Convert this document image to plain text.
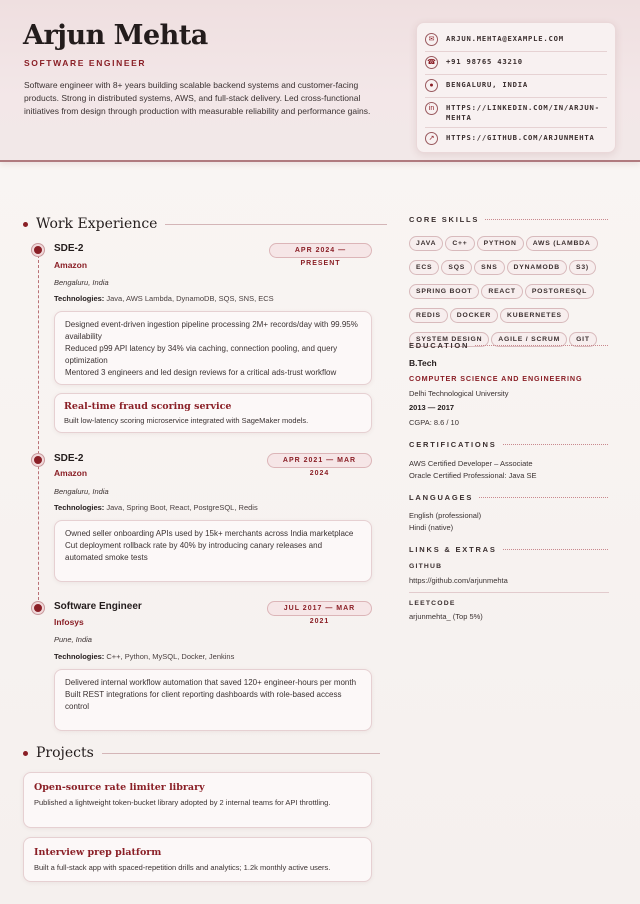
Arjun Mehta
SOFTWARE ENGINEER
Software engineer with 8+ years building scalable backend systems and customer-facing products. Strong in distributed systems, AWS, and full-stack delivery. Led cross-functional initiatives from design through production with measurable reliability and performance gains.
✉	ARJUN.MEHTA@EXAMPLE.COM
☎ +91 98765 43210
●	BENGALURU, INDIA
in	HTTPS://LINKEDIN.COM/IN/ARJUN-MEHTA
↗	HTTPS://GITHUB.COM/ARJUNMEHTA
Work Experience
SDE-2
Amazon
APR 2024 — PRESENT
Bengaluru, India
Technologies: Java, AWS Lambda, DynamoDB, SQS, SNS, ECS
Designed event-driven ingestion pipeline processing 2M+ records/day with 99.95% availability
Reduced p99 API latency by 34% via caching, connection pooling, and query optimization
Mentored 3 engineers and led design reviews for a critical ads-trust workflow
Real-time fraud scoring service
Built low-latency scoring microservice integrated with SageMaker models.
SDE-2
Amazon
APR 2021 — MAR 2024
Bengaluru, India
Technologies: Java, Spring Boot, React, PostgreSQL, Redis
Owned seller onboarding APIs used by 15k+ merchants across India marketplace
Cut deployment rollback rate by 40% by introducing canary releases and automated smoke tests
Software Engineer
Infosys
JUL 2017 — MAR 2021
Pune, India
Technologies: C++, Python, MySQL, Docker, Jenkins
Delivered internal workflow automation that saved 120+ engineer-hours per month
Built REST integrations for client reporting dashboards with role-based access control
Projects
Open-source rate limiter library
Published a lightweight token-bucket library adopted by 2 internal teams for API throttling.
Interview prep platform
Built a full-stack app with spaced-repetition drills and analytics; 1.2k monthly active users.
CORE SKILLS
JAVA C++ PYTHON AWS (LAMBDA
ECS SQS SNS DYNAMODB S3)
SPRING BOOT REACT POSTGRESQL
REDIS DOCKER KUBERNETES
SYSTEM DESIGN AGILE / SCRUM GIT
EDUCATION
B.Tech
COMPUTER SCIENCE AND ENGINEERING
Delhi Technological University
2013 — 2017
CGPA: 8.6 / 10
CERTIFICATIONS
AWS Certified Developer – Associate
Oracle Certified Professional: Java SE
LANGUAGES
English (professional)
Hindi (native)
LINKS & EXTRAS
GITHUB
https://github.com/arjunmehta
LEETCODE
arjunmehta_ (Top 5%)
